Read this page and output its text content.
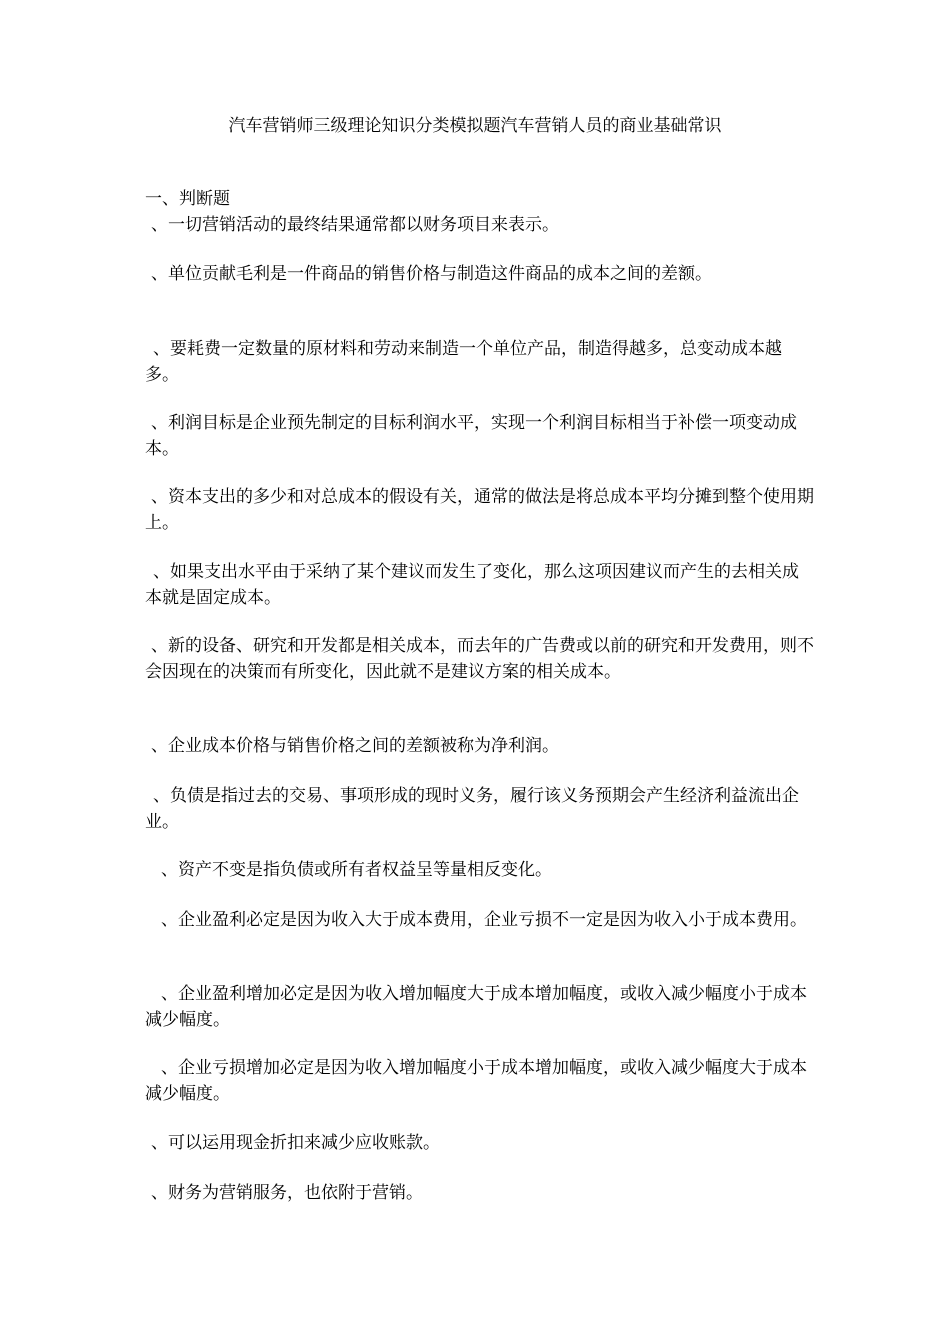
汽车营销师三级理论知识分类模拟题汽车营销人员的商业基础常识

一、判断题

、一切营销活动的最终结果通常都以财务项目来表示。

、单位贡献毛利是一件商品的销售价格与制造这件商品的成本之间的差额。

、要耗费一定数量的原材料和劳动来制造一个单位产品，制造得越多，总变动成本越多。

、利润目标是企业预先制定的目标利润水平，实现一个利润目标相当于补偿一项变动成本。

、资本支出的多少和对总成本的假设有关，通常的做法是将总成本平均分摊到整个使用期上。

、如果支出水平由于采纳了某个建议而发生了变化，那么这项因建议而产生的去相关成本就是固定成本。

、新的设备、研究和开发都是相关成本，而去年的广告费或以前的研究和开发费用，则不会因现在的决策而有所变化，因此就不是建议方案的相关成本。

、企业成本价格与销售价格之间的差额被称为净利润。

、负债是指过去的交易、事项形成的现时义务，履行该义务预期会产生经济利益流出企业。

、资产不变是指负债或所有者权益呈等量相反变化。

、企业盈利必定是因为收入大于成本费用，企业亏损不一定是因为收入小于成本费用。

、企业盈利增加必定是因为收入增加幅度大于成本增加幅度，或收入减少幅度小于成本减少幅度。

、企业亏损增加必定是因为收入增加幅度小于成本增加幅度，或收入减少幅度大于成本减少幅度。

、可以运用现金折扣来减少应收账款。

、财务为营销服务，也依附于营销。
